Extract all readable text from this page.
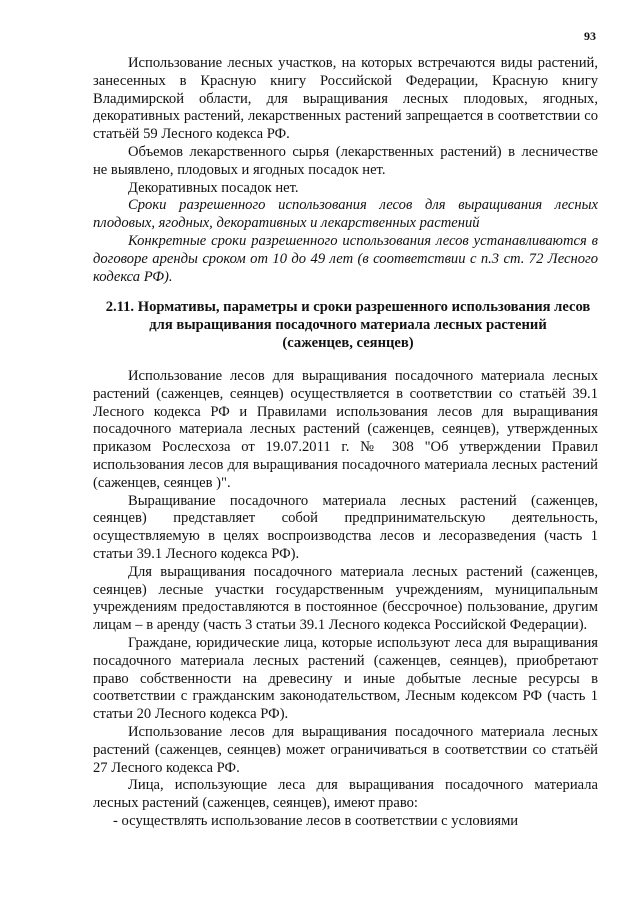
93

Использование лесных участков, на которых встречаются виды растений, занесенных в Красную книгу Российской Федерации, Красную книгу Владимирской области, для выращивания лесных плодовых, ягодных, декоративных растений, лекарственных растений запрещается в соответствии со статьёй 59 Лесного кодекса РФ.

Объемов лекарственного сырья (лекарственных растений) в лесничестве не выявлено, плодовых и ягодных посадок нет.

Декоративных посадок нет.

Сроки разрешенного использования лесов для выращивания лесных плодовых, ягодных, декоративных и лекарственных растений

Конкретные сроки разрешенного использования лесов устанавливаются в договоре аренды сроком от 10 до 49 лет (в соответствии с п.3 ст. 72 Лесного кодекса РФ).

2.11. Нормативы, параметры и сроки разрешенного использования лесов
для выращивания посадочного материала лесных растений
(саженцев, сеянцев)

Использование лесов для выращивания посадочного материала лесных растений (саженцев, сеянцев) осуществляется в соответствии со статьёй 39.1 Лесного кодекса РФ и Правилами использования лесов для выращивания посадочного материала лесных растений (саженцев, сеянцев), утвержденных приказом Рослесхоза от 19.07.2011 г. № 308 "Об утверждении Правил использования лесов для выращивания посадочного материала лесных растений (саженцев, сеянцев )".

Выращивание посадочного материала лесных растений (саженцев, сеянцев) представляет собой предпринимательскую деятельность, осуществляемую в целях воспроизводства лесов и лесоразведения (часть 1 статьи 39.1 Лесного кодекса РФ).

Для выращивания посадочного материала лесных растений (саженцев, сеянцев) лесные участки государственным учреждениям, муниципальным учреждениям предоставляются в постоянное (бессрочное) пользование, другим лицам – в аренду (часть 3 статьи 39.1 Лесного кодекса Российской Федерации).

Граждане, юридические лица, которые используют леса для выращивания посадочного материала лесных растений (саженцев, сеянцев), приобретают право собственности на древесину и иные добытые лесные ресурсы в соответствии с гражданским законодательством, Лесным кодексом РФ (часть 1 статьи 20 Лесного кодекса РФ).

Использование лесов для выращивания посадочного материала лесных растений (саженцев, сеянцев) может ограничиваться в соответствии со статьёй 27 Лесного кодекса РФ.

Лица, использующие леса для выращивания посадочного материала лесных растений (саженцев, сеянцев), имеют право:

- осуществлять использование лесов в соответствии с условиями
